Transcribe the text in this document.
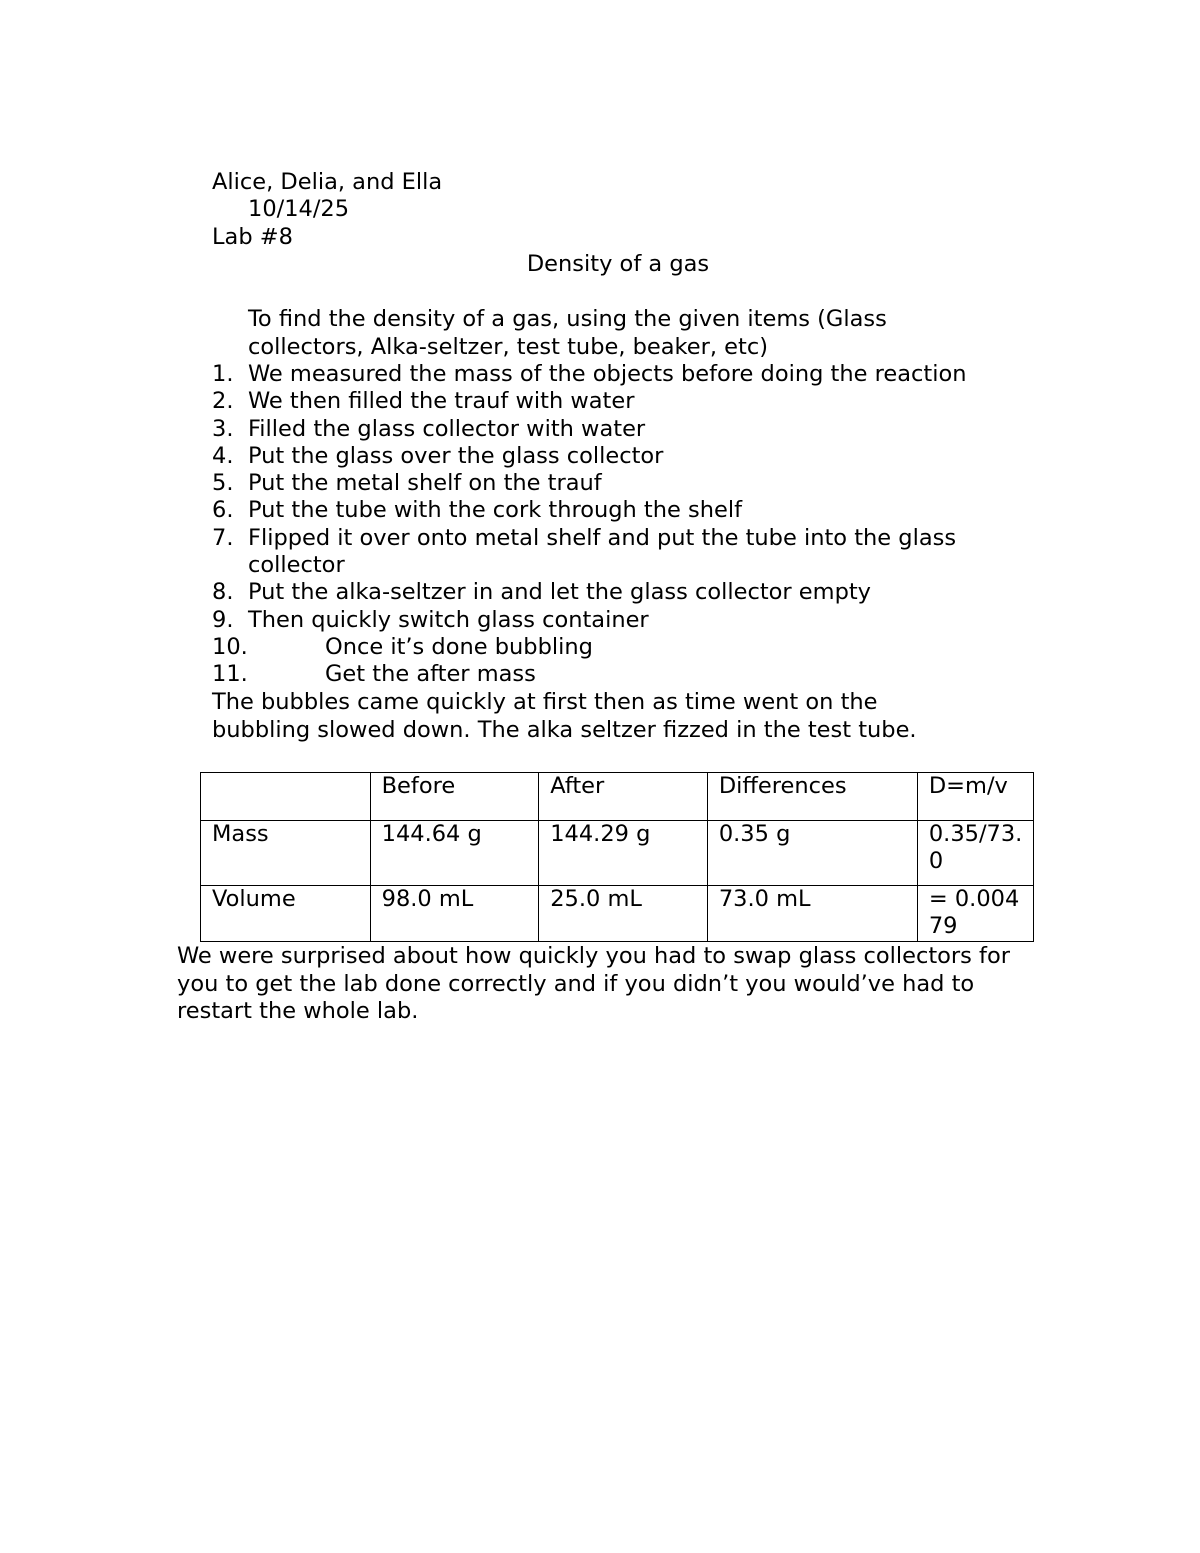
Alice, Delia, and Ella
10/14/25
Lab #8
Density of a gas
To find the density of a gas, using the given items (Glass collectors, Alka-seltzer, test tube, beaker, etc)
1. We measured the mass of the objects before doing the reaction
2. We then filled the trauf with water
3. Filled the glass collector with water
4. Put the glass over the glass collector
5. Put the metal shelf on the trauf
6. Put the tube with the cork through the shelf
7. Flipped it over onto metal shelf and put the tube into the glass collector
8. Put the alka-seltzer in and let the glass collector empty
9. Then quickly switch glass container
10.	Once it’s done bubbling
11.	Get the after mass
The bubbles came quickly at first then as time went on the bubbling slowed down. The alka seltzer fizzed in the test tube.
	Before	After	Differences	D=m/v
Mass	144.64 g	144.29 g	0.35 g	0.35/73.0
Volume	98.0 mL	25.0 mL	73.0 mL	= 0.00479
We were surprised about how quickly you had to swap glass collectors for you to get the lab done correctly and if you didn’t you would’ve had to restart the whole lab.
